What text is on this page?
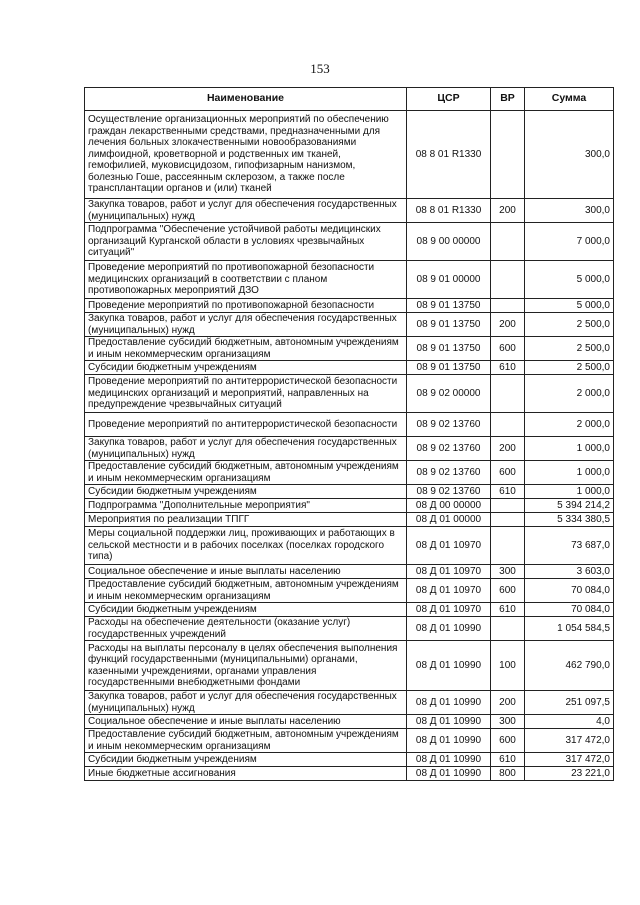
153
Наименование	ЦСР	ВР	Сумма
Осуществление организационных мероприятий по обеспечению граждан лекарственными средствами, предназначенными для лечения больных злокачественными новообразованиями лимфоидной, кроветворной и родственных им тканей, гемофилией, муковисцидозом, гипофизарным нанизмом, болезнью Гоше, рассеянным склерозом, а также после трансплантации органов и (или) тканей	08 8 01 R1330		300,0
Закупка товаров, работ и услуг для обеспечения государственных (муниципальных) нужд	08 8 01 R1330	200	300,0
Подпрограмма "Обеспечение устойчивой работы медицинских организаций Курганской области в условиях чрезвычайных ситуаций"	08 9 00 00000		7 000,0
Проведение мероприятий по противопожарной безопасности медицинских организаций в соответствии с планом противопожарных мероприятий ДЗО	08 9 01 00000		5 000,0
Проведение мероприятий по противопожарной безопасности	08 9 01 13750		5 000,0
Закупка товаров, работ и услуг для обеспечения государственных (муниципальных) нужд	08 9 01 13750	200	2 500,0
Предоставление субсидий бюджетным, автономным учреждениям и иным некоммерческим организациям	08 9 01 13750	600	2 500,0
Субсидии бюджетным учреждениям	08 9 01 13750	610	2 500,0
Проведение мероприятий по антитеррористической безопасности медицинских организаций и мероприятий, направленных на предупреждение чрезвычайных ситуаций	08 9 02 00000		2 000,0
Проведение мероприятий по антитеррористической безопасности	08 9 02 13760		2 000,0
Закупка товаров, работ и услуг для обеспечения государственных (муниципальных) нужд	08 9 02 13760	200	1 000,0
Предоставление субсидий бюджетным, автономным учреждениям и иным некоммерческим организациям	08 9 02 13760	600	1 000,0
Субсидии бюджетным учреждениям	08 9 02 13760	610	1 000,0
Подпрограмма "Дополнительные мероприятия"	08 Д 00 00000		5 394 214,2
Мероприятия по реализации ТПГГ	08 Д 01 00000		5 334 380,5
Меры социальной поддержки лиц, проживающих и работающих в сельской местности и в рабочих поселках (поселках городского типа)	08 Д 01 10970		73 687,0
Социальное обеспечение и иные выплаты населению	08 Д 01 10970	300	3 603,0
Предоставление субсидий бюджетным, автономным учреждениям и иным некоммерческим организациям	08 Д 01 10970	600	70 084,0
Субсидии бюджетным учреждениям	08 Д 01 10970	610	70 084,0
Расходы на обеспечение деятельности (оказание услуг) государственных учреждений	08 Д 01 10990		1 054 584,5
Расходы на выплаты персоналу в целях обеспечения выполнения функций государственными (муниципальными) органами, казенными учреждениями, органами управления государственными внебюджетными фондами	08 Д 01 10990	100	462 790,0
Закупка товаров, работ и услуг для обеспечения государственных (муниципальных) нужд	08 Д 01 10990	200	251 097,5
Социальное обеспечение и иные выплаты населению	08 Д 01 10990	300	4,0
Предоставление субсидий бюджетным, автономным учреждениям и иным некоммерческим организациям	08 Д 01 10990	600	317 472,0
Субсидии бюджетным учреждениям	08 Д 01 10990	610	317 472,0
Иные бюджетные ассигнования	08 Д 01 10990	800	23 221,0
